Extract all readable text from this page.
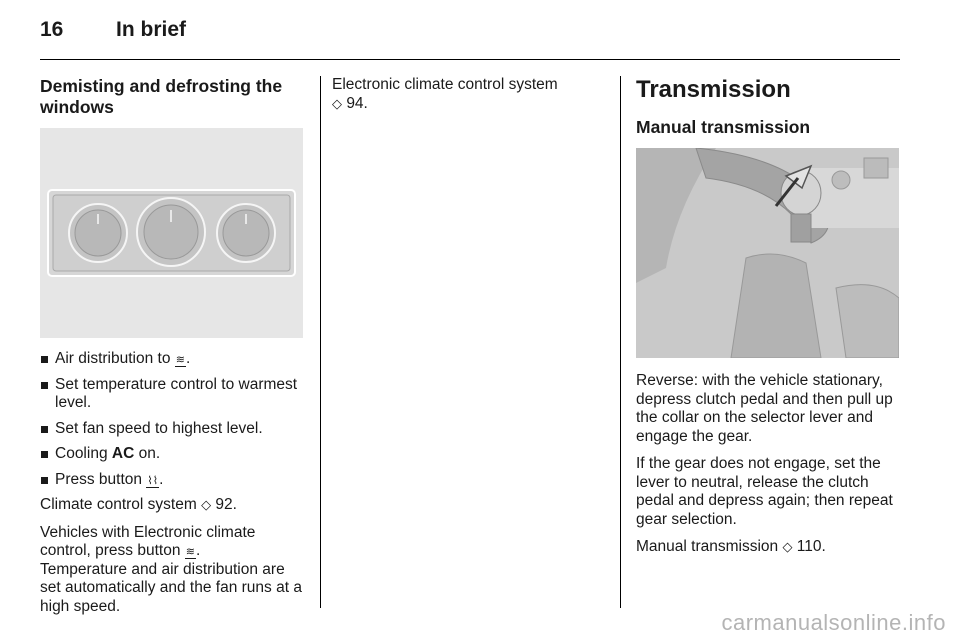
16	In brief
Demisting and defrosting the windows
Air distribution to ≋.
Set temperature control to warmest level.
Set fan speed to highest level.
Cooling AC on.
Press button ⌇⌇.

Climate control system ◇ 92.

Vehicles with Electronic climate control, press button ≋.

Temperature and air distribution are set automatically and the fan runs at a high speed.

Electronic climate control system
◇ 94.	Transmission
Manual transmission

Reverse: with the vehicle stationary, depress clutch pedal and then pull up the collar on the selector lever and engage the gear.

If the gear does not engage, set the lever to neutral, release the clutch pedal and depress again; then repeat gear selection.

Manual transmission ◇ 110.

carmanualsonline.info
